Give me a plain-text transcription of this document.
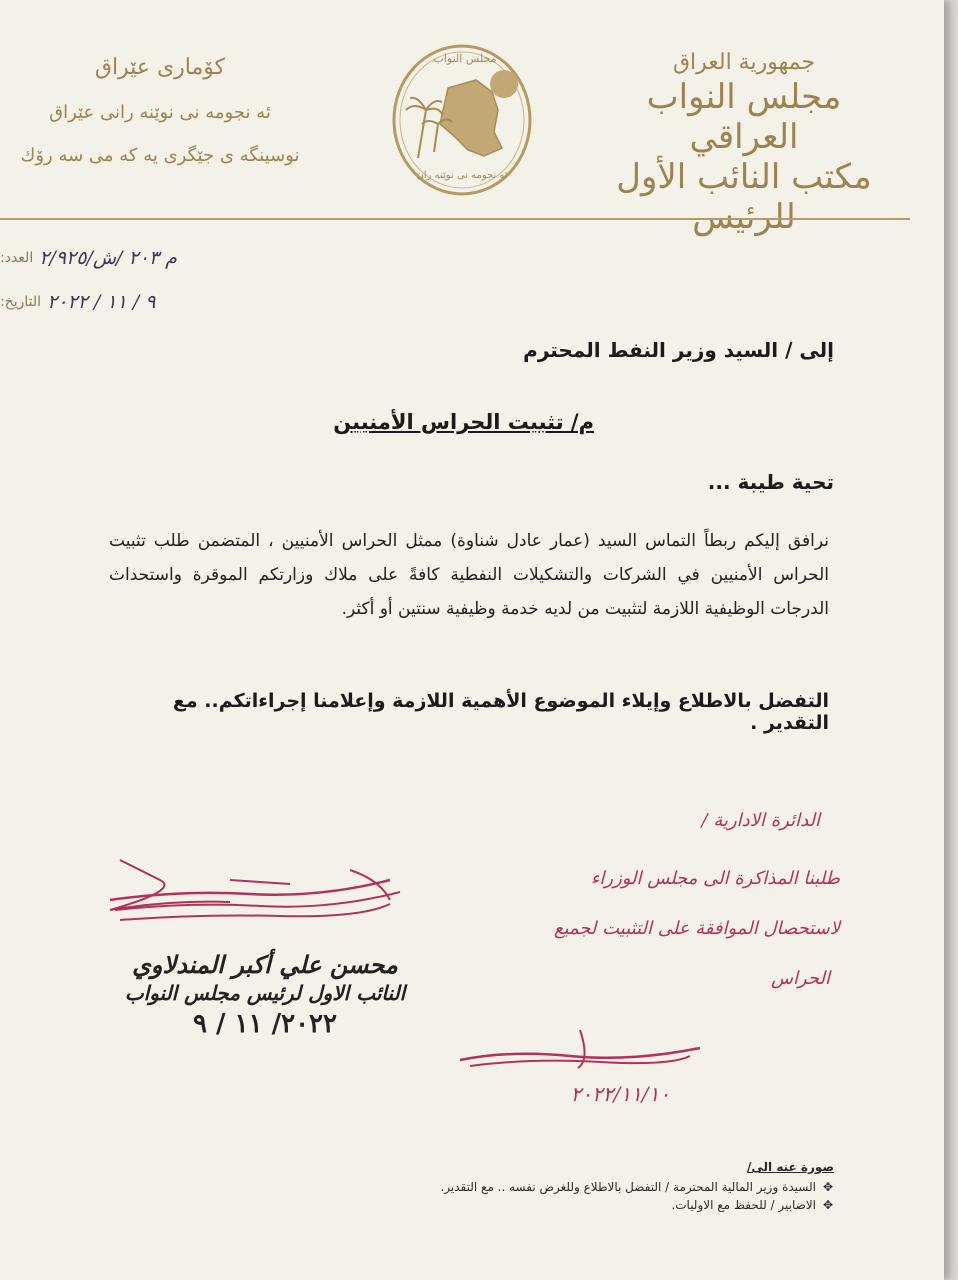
جمهورية العراق
مجلس النواب العراقي
مكتب النائب الأول للرئيس
مجلس النواب
ئه نجومه نی نوێنه ران
كۆماری عێراق
ئه نجومه نی نوێنه رانی عێراق
نوسینگه ی جێگری یه که می سه رۆك
العدد: م ٢٠٣ /ش/٢/٩٢٥
التاريخ: ٩ / ١١ / ٢٠٢٢
إلى / السيد وزير النفط المحترم
م/ تثبيت الحراس الأمنيين
تحية طيبة ...
نرافق إليكم ربطاً التماس السيد (عمار عادل شناوة) ممثل الحراس الأمنيين ، المتضمن طلب تثبيت الحراس الأمنيين في الشركات والتشكيلات النفطية كافةً على ملاك وزارتكم الموقرة واستحداث الدرجات الوظيفية اللازمة لتثبيت من لديه خدمة وظيفية سنتين أو أكثر.
التفضل بالاطلاع وإيلاء الموضوع الأهمية اللازمة وإعلامنا إجراءاتكم.. مع التقدير .
الدائرة الادارية /
طلبنا المذاكرة الى مجلس الوزراء
لاستحصال الموافقة على التثبيت لجميع
الحراس
٢٠٢٢/١١/١٠
محسن علي أكبر المندلاوي
النائب الاول لرئيس مجلس النواب
٢٠٢٢/ ١١ / ٩
صورة عنه الى/
✥
السيدة وزير المالية المحترمة / التفضل بالاطلاع وللغرض نفسه .. مع التقدير.
✥
الاضابير / للحفظ مع الاوليات.
